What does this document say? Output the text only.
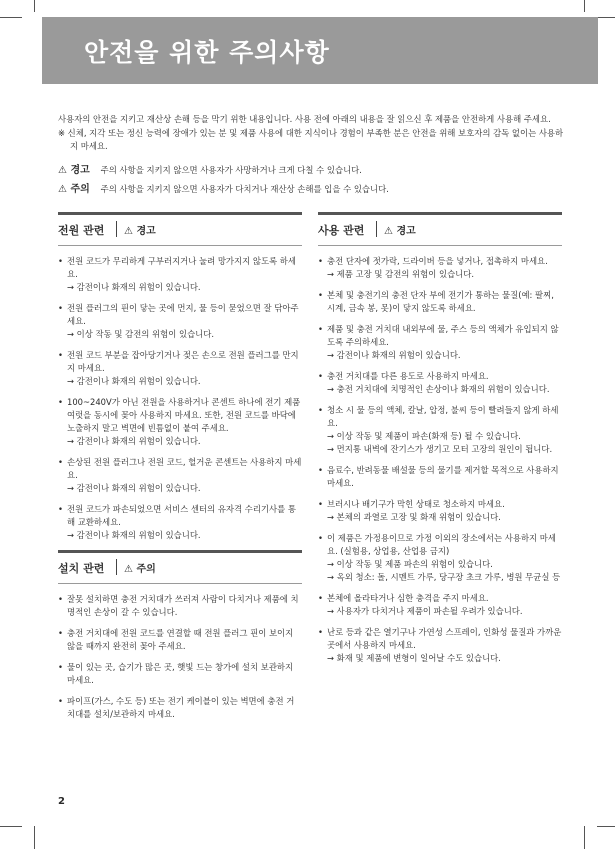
안전을 위한 주의사항

사용자의 안전을 지키고 재산상 손해 등을 막기 위한 내용입니다. 사용 전에 아래의 내용을 잘 읽으신 후 제품을 안전하게 사용해 주세요.

※ 신체, 지각 또는 정신 능력에 장애가 있는 분 및 제품 사용에 대한 지식이나 경험이 부족한 분은 안전을 위해 보호자의 감독 없이는 사용하지 마세요.

⚠ 경고 주의 사항을 지키지 않으면 사용자가 사망하거나 크게 다칠 수 있습니다.
⚠ 주의 주의 사항을 지키지 않으면 사용자가 다치거나 재산상 손해를 입을 수 있습니다.
전원 관련 ⚠ 경고
• 전원 코드가 무리하게 구부러지거나 눌려 망가지지 않도록 하세요.
→ 감전이나 화재의 위험이 있습니다.
• 전원 플러그의 핀이 닿는 곳에 먼지, 물 등이 묻었으면 잘 닦아주세요.
→ 이상 작동 및 감전의 위험이 있습니다.
• 전원 코드 부분을 잡아당기거나 젖은 손으로 전원 플러그를 만지지 마세요.
→ 감전이나 화재의 위험이 있습니다.
• 100~240V가 아닌 전원을 사용하거나 콘센트 하나에 전기 제품 여럿을 동시에 꽂아 사용하지 마세요. 또한, 전원 코드를 바닥에 노출하지 말고 벽면에 빈틈없이 붙여 주세요.
→ 감전이나 화재의 위험이 있습니다.
• 손상된 전원 플러그나 전원 코드, 헐거운 콘센트는 사용하지 마세요.
→ 감전이나 화재의 위험이 있습니다.
• 전원 코드가 파손되었으면 서비스 센터의 유자격 수리기사를 통해 교환하세요.
→ 감전이나 화재의 위험이 있습니다.
설치 관련 ⚠ 주의
• 잘못 설치하면 충전 거치대가 쓰러져 사람이 다치거나 제품에 치명적인 손상이 갈 수 있습니다.
• 충전 거치대에 전원 코드를 연결할 때 전원 플러그 핀이 보이지 않을 때까지 완전히 꽂아 주세요.
• 물이 있는 곳, 습기가 많은 곳, 햇빛 드는 창가에 설치 보관하지 마세요.
• 파이프(가스, 수도 등) 또는 전기 케이블이 있는 벽면에 충전 거치대를 설치/보관하지 마세요.
사용 관련 ⚠ 경고
• 충전 단자에 젓가락, 드라이버 등을 넣거나, 접촉하지 마세요.
→ 제품 고장 및 감전의 위험이 있습니다.
• 본체 및 충전기의 충전 단자 부에 전기가 통하는 물질(예: 팔찌, 시계, 금속 봉, 못)이 닿지 않도록 하세요.
• 제품 및 충전 거치대 내외부에 물, 주스 등의 액체가 유입되지 않도록 주의하세요.
→ 감전이나 화재의 위험이 있습니다.
• 충전 거치대를 다른 용도로 사용하지 마세요.
→ 충전 거치대에 치명적인 손상이나 화재의 위험이 있습니다.
• 청소 시 물 등의 액체, 칼날, 압정, 불씨 등이 빨려들지 않게 하세요.
→ 이상 작동 및 제품이 파손(화재 등) 될 수 있습니다.
→ 먼지통 내벽에 잔기스가 생기고 모터 고장의 원인이 됩니다.
• 음료수, 반려동물 배설물 등의 물기를 제거할 목적으로 사용하지 마세요.
• 브러시나 배기구가 막힌 상태로 청소하지 마세요.
→ 본체의 과열로 고장 및 화재 위험이 있습니다.
• 이 제품은 가정용이므로 가정 이외의 장소에서는 사용하지 마세요. (실험용, 상업용, 산업용 금지)
→ 이상 작동 및 제품 파손의 위험이 있습니다.
→ 옥외 청소: 돌, 시멘트 가루, 당구장 초크 가루, 병원 무균실 등
• 본체에 올라타거나 심한 충격을 주지 마세요.
→ 사용자가 다치거나 제품이 파손될 우려가 있습니다.
• 난로 등과 같은 열기구나 가연성 스프레이, 인화성 물질과 가까운 곳에서 사용하지 마세요.
→ 화재 및 제품에 변형이 일어날 수도 있습니다.
2
